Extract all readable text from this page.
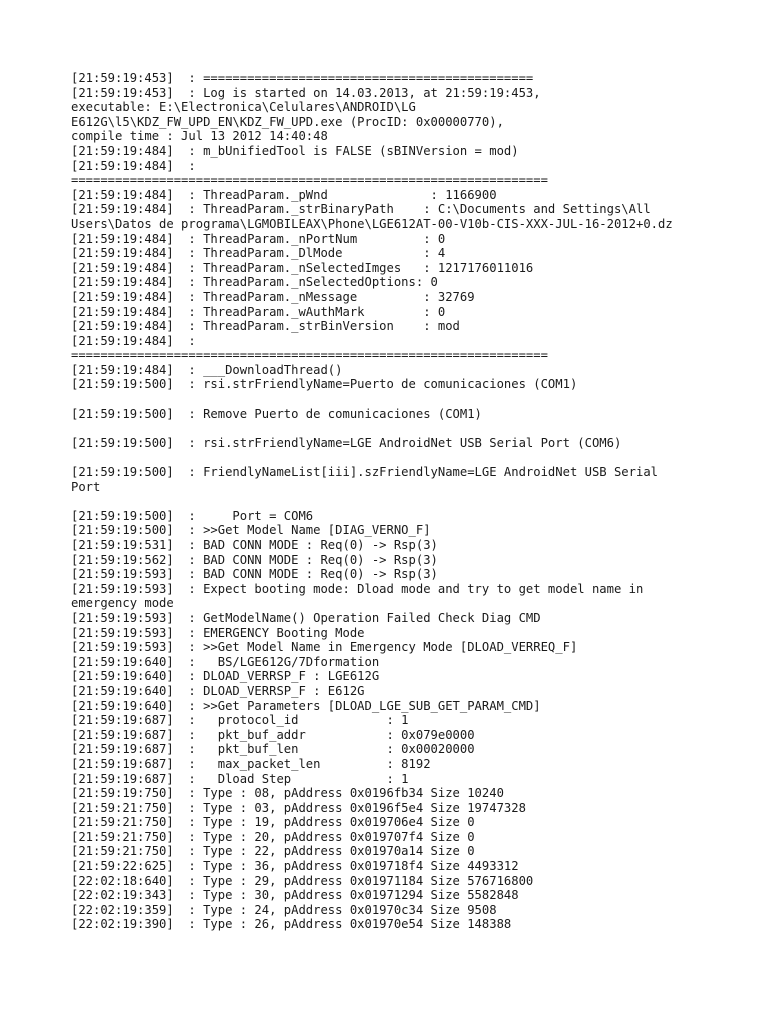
[21:59:19:453]  : =============================================
[21:59:19:453]  : Log is started on 14.03.2013, at 21:59:19:453,
executable: E:\Electronica\Celulares\ANDROID\LG
E612G\l5\KDZ_FW_UPD_EN\KDZ_FW_UPD.exe (ProcID: 0x00000770),
compile time : Jul 13 2012 14:40:48
[21:59:19:484]  : m_bUnifiedTool is FALSE (sBINVersion = mod)
[21:59:19:484]  :
=================================================================
[21:59:19:484]  : ThreadParam._pWnd              : 1166900
[21:59:19:484]  : ThreadParam._strBinaryPath    : C:\Documents and Settings\All
Users\Datos de programa\LGMOBILEAX\Phone\LGE612AT-00-V10b-CIS-XXX-JUL-16-2012+0.dz
[21:59:19:484]  : ThreadParam._nPortNum         : 0
[21:59:19:484]  : ThreadParam._DlMode           : 4
[21:59:19:484]  : ThreadParam._nSelectedImges   : 1217176011016
[21:59:19:484]  : ThreadParam._nSelectedOptions: 0
[21:59:19:484]  : ThreadParam._nMessage         : 32769
[21:59:19:484]  : ThreadParam._wAuthMark        : 0
[21:59:19:484]  : ThreadParam._strBinVersion    : mod
[21:59:19:484]  :
=================================================================
[21:59:19:484]  : ___DownloadThread()
[21:59:19:500]  : rsi.strFriendlyName=Puerto de comunicaciones (COM1)
[21:59:19:500]  : Remove Puerto de comunicaciones (COM1)
[21:59:19:500]  : rsi.strFriendlyName=LGE AndroidNet USB Serial Port (COM6)
[21:59:19:500]  : FriendlyNameList[iii].szFriendlyName=LGE AndroidNet USB Serial
Port
[21:59:19:500]  :     Port = COM6
[21:59:19:500]  : >>Get Model Name [DIAG_VERNO_F]
[21:59:19:531]  : BAD CONN MODE : Req(0) -> Rsp(3)
[21:59:19:562]  : BAD CONN MODE : Req(0) -> Rsp(3)
[21:59:19:593]  : BAD CONN MODE : Req(0) -> Rsp(3)
[21:59:19:593]  : Expect booting mode: Dload mode and try to get model name in
emergency mode
[21:59:19:593]  : GetModelName() Operation Failed Check Diag CMD
[21:59:19:593]  : EMERGENCY Booting Mode
[21:59:19:593]  : >>Get Model Name in Emergency Mode [DLOAD_VERREQ_F]
[21:59:19:640]  :   BS/LGE612G/7Dformation
[21:59:19:640]  : DLOAD_VERRSP_F : LGE612G
[21:59:19:640]  : DLOAD_VERRSP_F : E612G
[21:59:19:640]  : >>Get Parameters [DLOAD_LGE_SUB_GET_PARAM_CMD]
[21:59:19:687]  :   protocol_id            : 1
[21:59:19:687]  :   pkt_buf_addr           : 0x079e0000
[21:59:19:687]  :   pkt_buf_len            : 0x00020000
[21:59:19:687]  :   max_packet_len         : 8192
[21:59:19:687]  :   Dload Step             : 1
[21:59:19:750]  : Type : 08, pAddress 0x0196fb34 Size 10240
[21:59:21:750]  : Type : 03, pAddress 0x0196f5e4 Size 19747328
[21:59:21:750]  : Type : 19, pAddress 0x019706e4 Size 0
[21:59:21:750]  : Type : 20, pAddress 0x019707f4 Size 0
[21:59:21:750]  : Type : 22, pAddress 0x01970a14 Size 0
[21:59:22:625]  : Type : 36, pAddress 0x019718f4 Size 4493312
[22:02:18:640]  : Type : 29, pAddress 0x01971184 Size 576716800
[22:02:19:343]  : Type : 30, pAddress 0x01971294 Size 5582848
[22:02:19:359]  : Type : 24, pAddress 0x01970c34 Size 9508
[22:02:19:390]  : Type : 26, pAddress 0x01970e54 Size 148388
